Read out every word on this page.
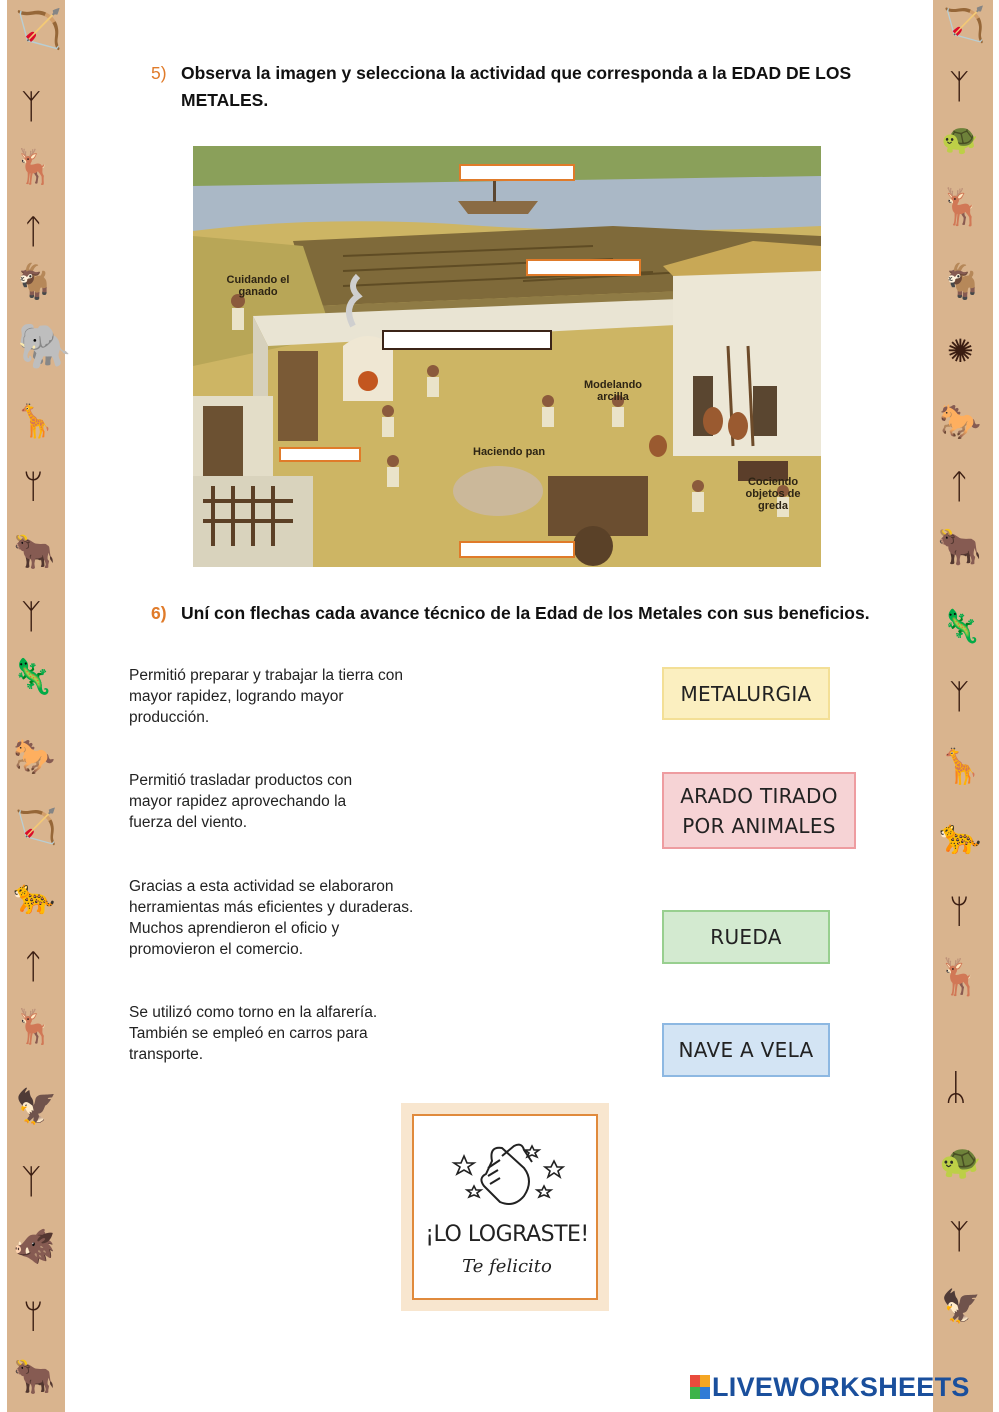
🏹
ᛉ
🦌
ᛏ
🐐
🐘
🦒
ᛘ
🐂
ᛉ
🦎
🐎
🏹
🐆
ᛏ
🦌
🦅
ᛉ
🐗
ᛘ
🐂
🏹
ᛉ
🐢
🦌
🐐
✺
🐎
ᛏ
🐂
🦎
ᛉ
🦒
🐆
ᛘ
🦌
ᛦ
🐢
ᛉ
🦅
5) Observa la imagen y selecciona la actividad que corresponda a la EDAD DE LOS
METALES.
Cuidando el ganado
Modelando arcilla
Haciendo pan
Cociendo objetos de greda
6) Uní con flechas cada avance técnico de la Edad de los Metales con sus beneficios.
Permitió preparar y trabajar la tierra con mayor rapidez, logrando mayor producción.
Permitió trasladar productos con mayor rapidez aprovechando la fuerza del viento.
Gracias a esta actividad se elaboraron herramientas más eficientes y duraderas. Muchos aprendieron el oficio y promovieron el comercio.
Se utilizó como torno en la alfarería. También se empleó en carros para transporte.
METALURGIA
ARADO TIRADO
POR ANIMALES
RUEDA
NAVE A VELA
¡LO LOGRASTE!
Te felicito
LIVEWORKSHEETS
